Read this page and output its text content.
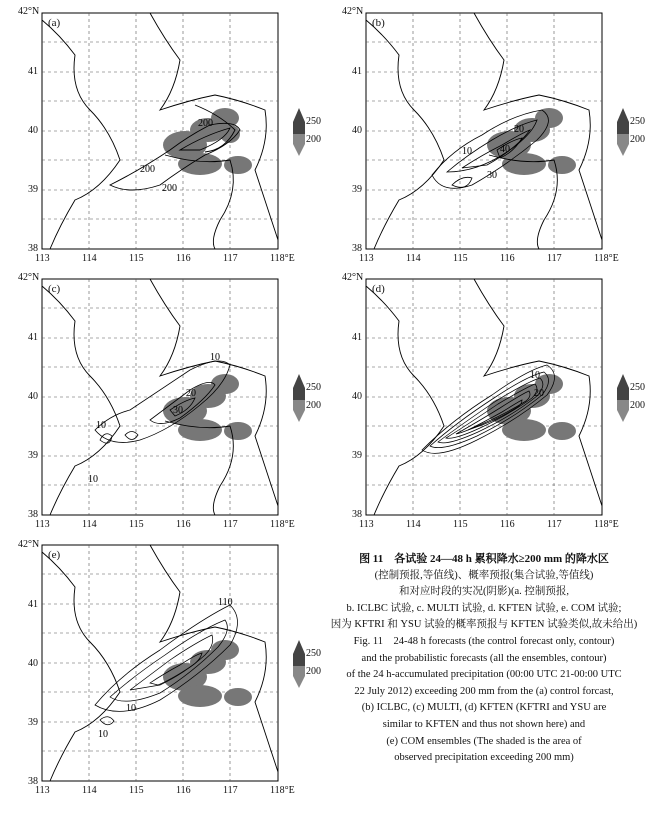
200
200
200
10	40
30
20
10
10
30
20
10
10
20
110
10
10
(a)	(b)
(c)	(d)
(e)
42°N
41
40
39
38
42°N
41
40
39
38
42°N
41
40
39
38
42°N
41
40
39
38
42°N
41
40
39
38
113	114	115	116	117	118°E	113	114	115	116	117	118°E
113	114	115	116	117	118°E	113	114	115	116	117	118°E
113	114	115	116	117	118°E
250
200
250
200
250
200
250
200
250
200
图 11　各试验 24—48 h 累积降水≥200 mm 的降水区
(控制预报,等值线)、概率预报(集合试验,等值线)
和对应时段的实况(阴影)(a. 控制预报,
b. ICLBC 试验, c. MULTI 试验, d. KFTEN 试验, e. COM 试验;
因为 KFTRI 和 YSU 试验的概率预报与 KFTEN 试验类似,故未给出)
Fig. 11　24-48 h forecasts (the control forecast only, contour)
and the probabilistic forecasts (all the ensembles, contour)
of the 24 h-accumulated precipitation (00:00 UTC 21-00:00 UTC
22 July 2012) exceeding 200 mm from the (a) control forcast,
(b) ICLBC, (c) MULTI, (d) KFTEN (KFTRI and YSU are
similar to KFTEN and thus not shown here) and
(e) COM ensembles (The shaded is the area of
observed precipitation exceeding 200 mm)
